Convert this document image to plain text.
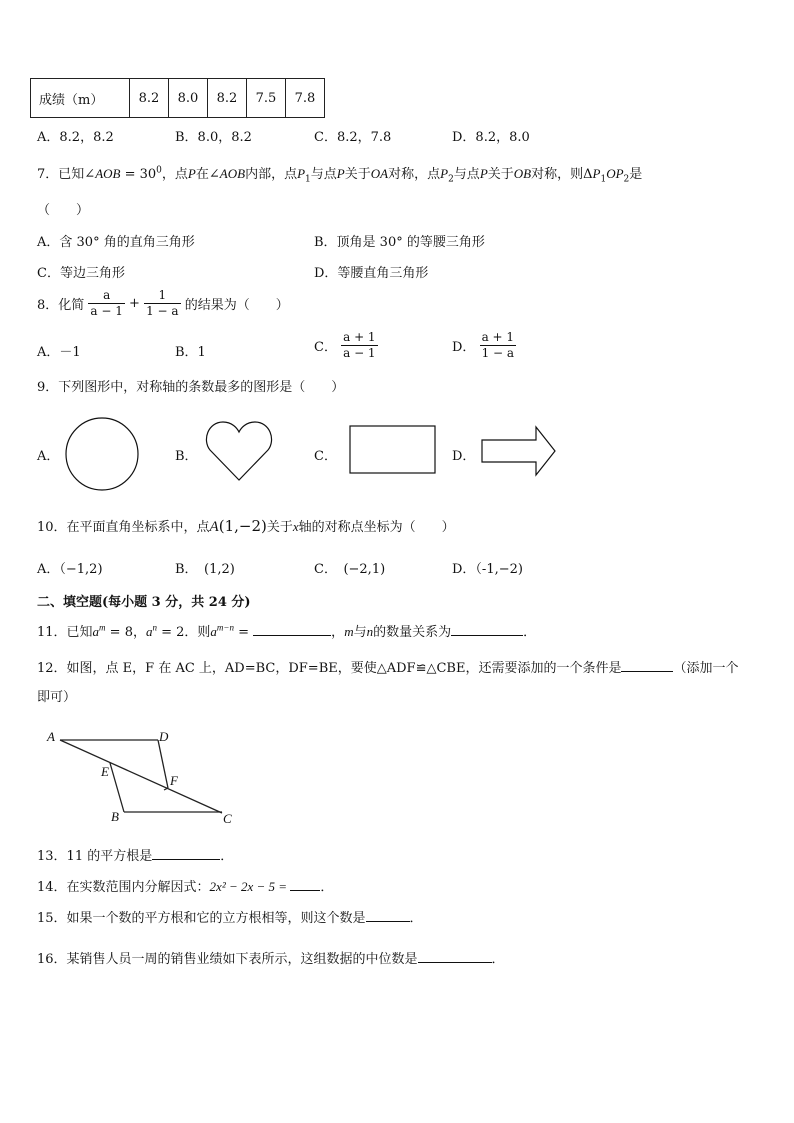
成绩（m）	8.2	8.0	8.2	7.5	7.8
A．8.2，8.2	B．8.0，8.2	C．8.2，7.8	D．8.2，8.0
7．已知∠AOB = $30^0$，点P在∠AOB内部，点$P_1$与点P关于OA对称，点$P_2$与点P关于OB对称，则$\Delta P_1OP_2$是
（　　）
A．含 30° 角的直角三角形	B．顶角是 30° 的等腰三角形
C．等边三角形	D．等腰直角三角形
8．化简 $\frac{a}{a - 1} + \frac{1}{1 - a}$ 的结果为（　　）
A．－1	B．1	C． $\frac{a + 1}{a - 1}$	D． $\frac{a + 1}{1 - a}$
9．下列图形中，对称轴的条数最多的图形是（　　）
A．	B．	C．	D．
10．在平面直角坐标系中，点A(1,−2)关于x轴的对称点坐标为（　　）
A．（−1,2)	B．　(1,2)	C．　(−2,1)	D．（-1,−2)
二、填空题(每小题 3 分，共 24 分)
11．已知$a^m = 8$，$a^n = 2$．则$a^{m-n}$ =	，m与n的数量关系为	．
12．如图，点 E，F 在 AC 上，AD=BC，DF=BE，要使△ADF≌△CBE，还需要添加的一个条件是	（添加一个
即可）
A	D
E
F
B	C
13．11 的平方根是	．
14．在实数范围内分解因式：2x² − 2x − 5 = ．
15．如果一个数的平方根和它的立方根相等，则这个数是	．
16．某销售人员一周的销售业绩如下表所示，这组数据的中位数是	．
